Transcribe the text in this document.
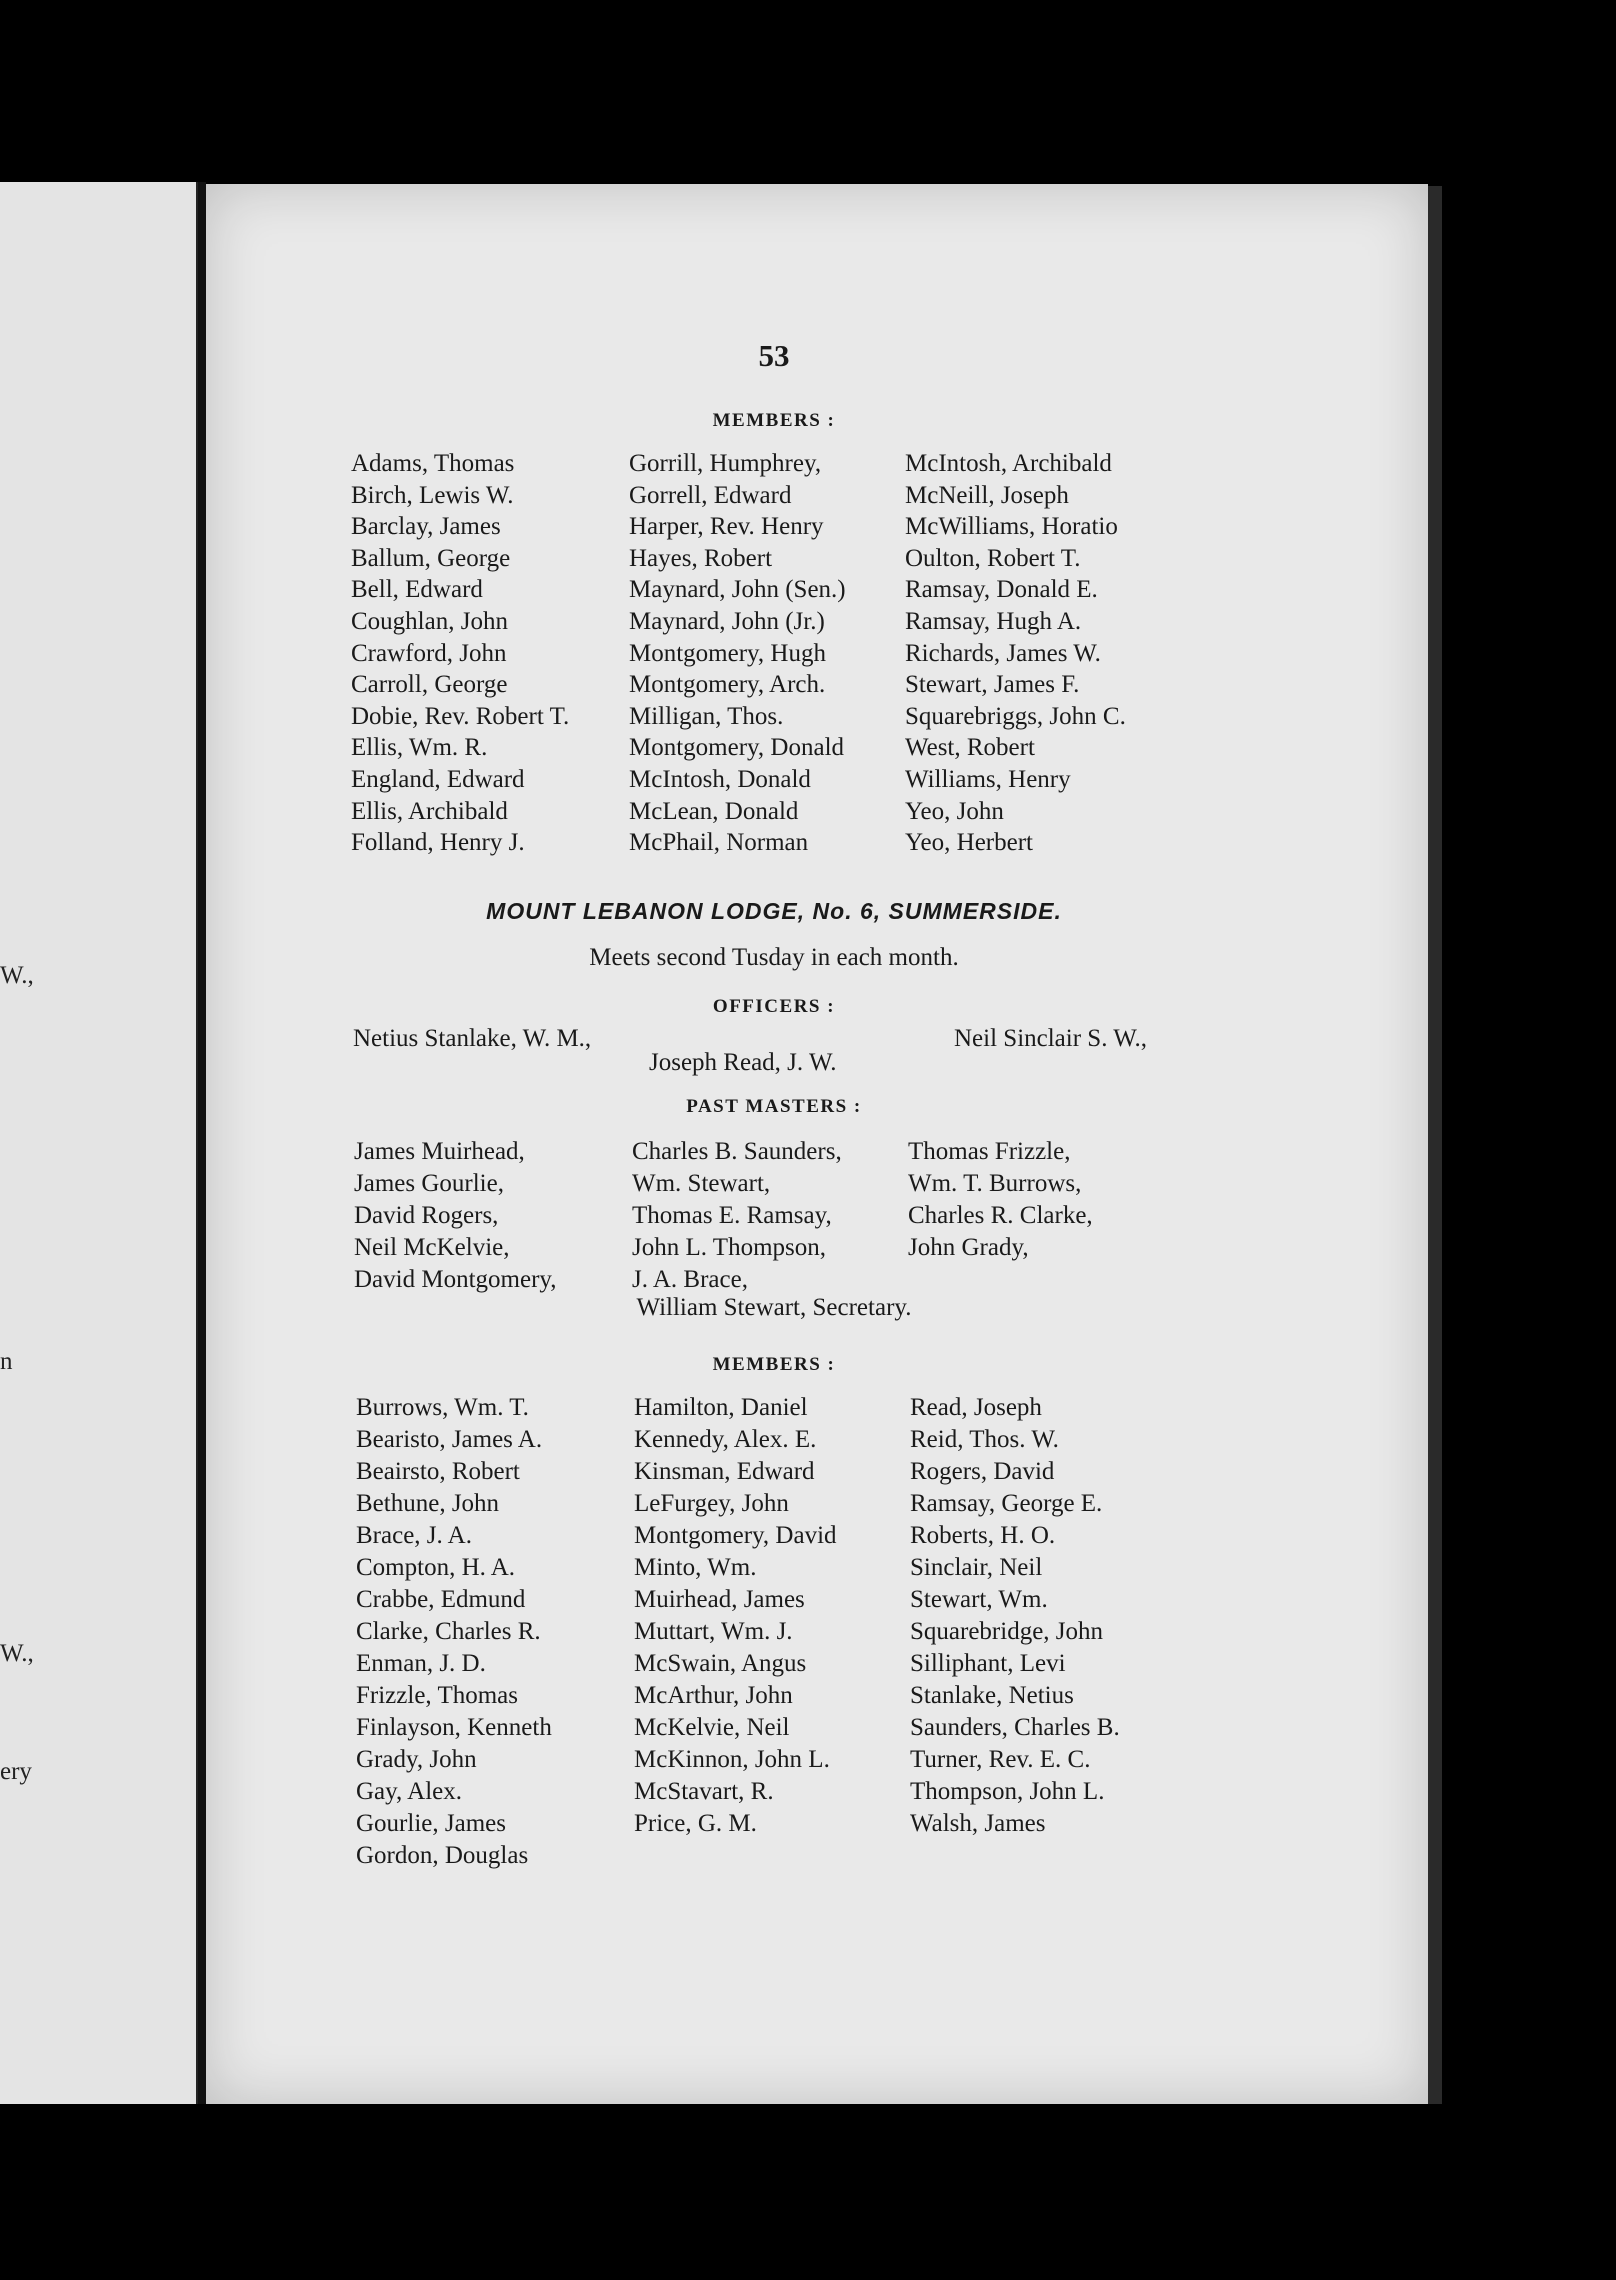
W.,
n
W.,
ery
53
MEMBERS :
Adams, Thomas
Birch, Lewis W.
Barclay, James
Ballum, George
Bell, Edward
Coughlan, John
Crawford, John
Carroll, George
Dobie, Rev. Robert T.
Ellis, Wm. R.
England, Edward
Ellis, Archibald
Folland, Henry J.
Gorrill, Humphrey,
Gorrell, Edward
Harper, Rev. Henry
Hayes, Robert
Maynard, John (Sen.)
Maynard, John (Jr.)
Montgomery, Hugh
Montgomery, Arch.
Milligan, Thos.
Montgomery, Donald
McIntosh, Donald
McLean, Donald
McPhail, Norman
McIntosh, Archibald
McNeill, Joseph
McWilliams, Horatio
Oulton, Robert T.
Ramsay, Donald E.
Ramsay, Hugh A.
Richards, James W.
Stewart, James F.
Squarebriggs, John C.
West, Robert
Williams, Henry
Yeo, John
Yeo, Herbert
MOUNT LEBANON LODGE, No. 6, SUMMERSIDE.
Meets second Tusday in each month.
OFFICERS :
Netius Stanlake, W. M.,	Neil Sinclair S. W.,
Joseph Read, J. W.
PAST MASTERS :
James Muirhead,
James Gourlie,
David Rogers,
Neil McKelvie,
David Montgomery,
Charles B. Saunders,
Wm. Stewart,
Thomas E. Ramsay,
John L. Thompson,
J. A. Brace,
Thomas Frizzle,
Wm. T. Burrows,
Charles R. Clarke,
John Grady,
William Stewart, Secretary.
MEMBERS :
Burrows, Wm. T.
Bearisto, James A.
Beairsto, Robert
Bethune, John
Brace, J. A.
Compton, H. A.
Crabbe, Edmund
Clarke, Charles R.
Enman, J. D.
Frizzle, Thomas
Finlayson, Kenneth
Grady, John
Gay, Alex.
Gourlie, James
Gordon, Douglas
Hamilton, Daniel
Kennedy, Alex. E.
Kinsman, Edward
LeFurgey, John
Montgomery, David
Minto, Wm.
Muirhead, James
Muttart, Wm. J.
McSwain, Angus
McArthur, John
McKelvie, Neil
McKinnon, John L.
McStavart, R.
Price, G. M.
Read, Joseph
Reid, Thos. W.
Rogers, David
Ramsay, George E.
Roberts, H. O.
Sinclair, Neil
Stewart, Wm.
Squarebridge, John
Silliphant, Levi
Stanlake, Netius
Saunders, Charles B.
Turner, Rev. E. C.
Thompson, John L.
Walsh, James
